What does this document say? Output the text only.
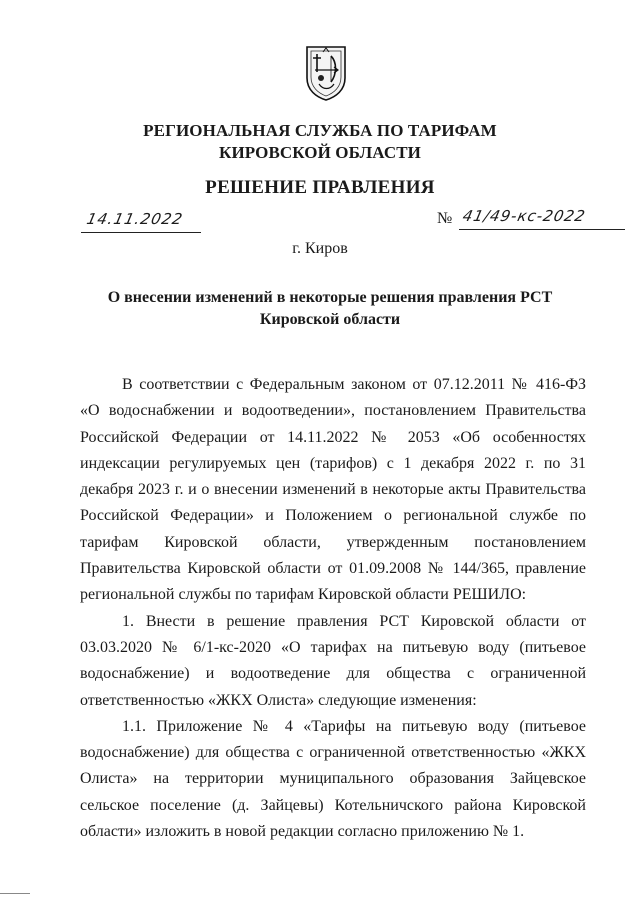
РЕГИОНАЛЬНАЯ СЛУЖБА ПО ТАРИФАМ
КИРОВСКОЙ ОБЛАСТИ
РЕШЕНИЕ ПРАВЛЕНИЯ
14.11.2022	№ 41/49-кс-2022
г. Киров
О внесении изменений в некоторые решения правления РСТ Кировской области

В соответствии с Федеральным законом от 07.12.2011 № 416-ФЗ «О водоснабжении и водоотведении», постановлением Правительства Российской Федерации от 14.11.2022 № 2053 «Об особенностях индексации регулируемых цен (тарифов) с 1 декабря 2022 г. по 31 декабря 2023 г. и о внесении изменений в некоторые акты Правительства Российской Федерации» и Положением о региональной службе по тарифам Кировской области, утвержденным постановлением Правительства Кировской области от 01.09.2008 № 144/365, правление региональной службы по тарифам Кировской области РЕШИЛО:

1. Внести в решение правления РСТ Кировской области от 03.03.2020 № 6/1-кс-2020 «О тарифах на питьевую воду (питьевое водоснабжение) и водоотведение для общества с ограниченной ответственностью «ЖКХ Олиста» следующие изменения:

1.1. Приложение № 4 «Тарифы на питьевую воду (питьевое водоснабжение) для общества с ограниченной ответственностью «ЖКХ Олиста» на территории муниципального образования Зайцевское сельское поселение (д. Зайцевы) Котельничского района Кировской области» изложить в новой редакции согласно приложению № 1.
